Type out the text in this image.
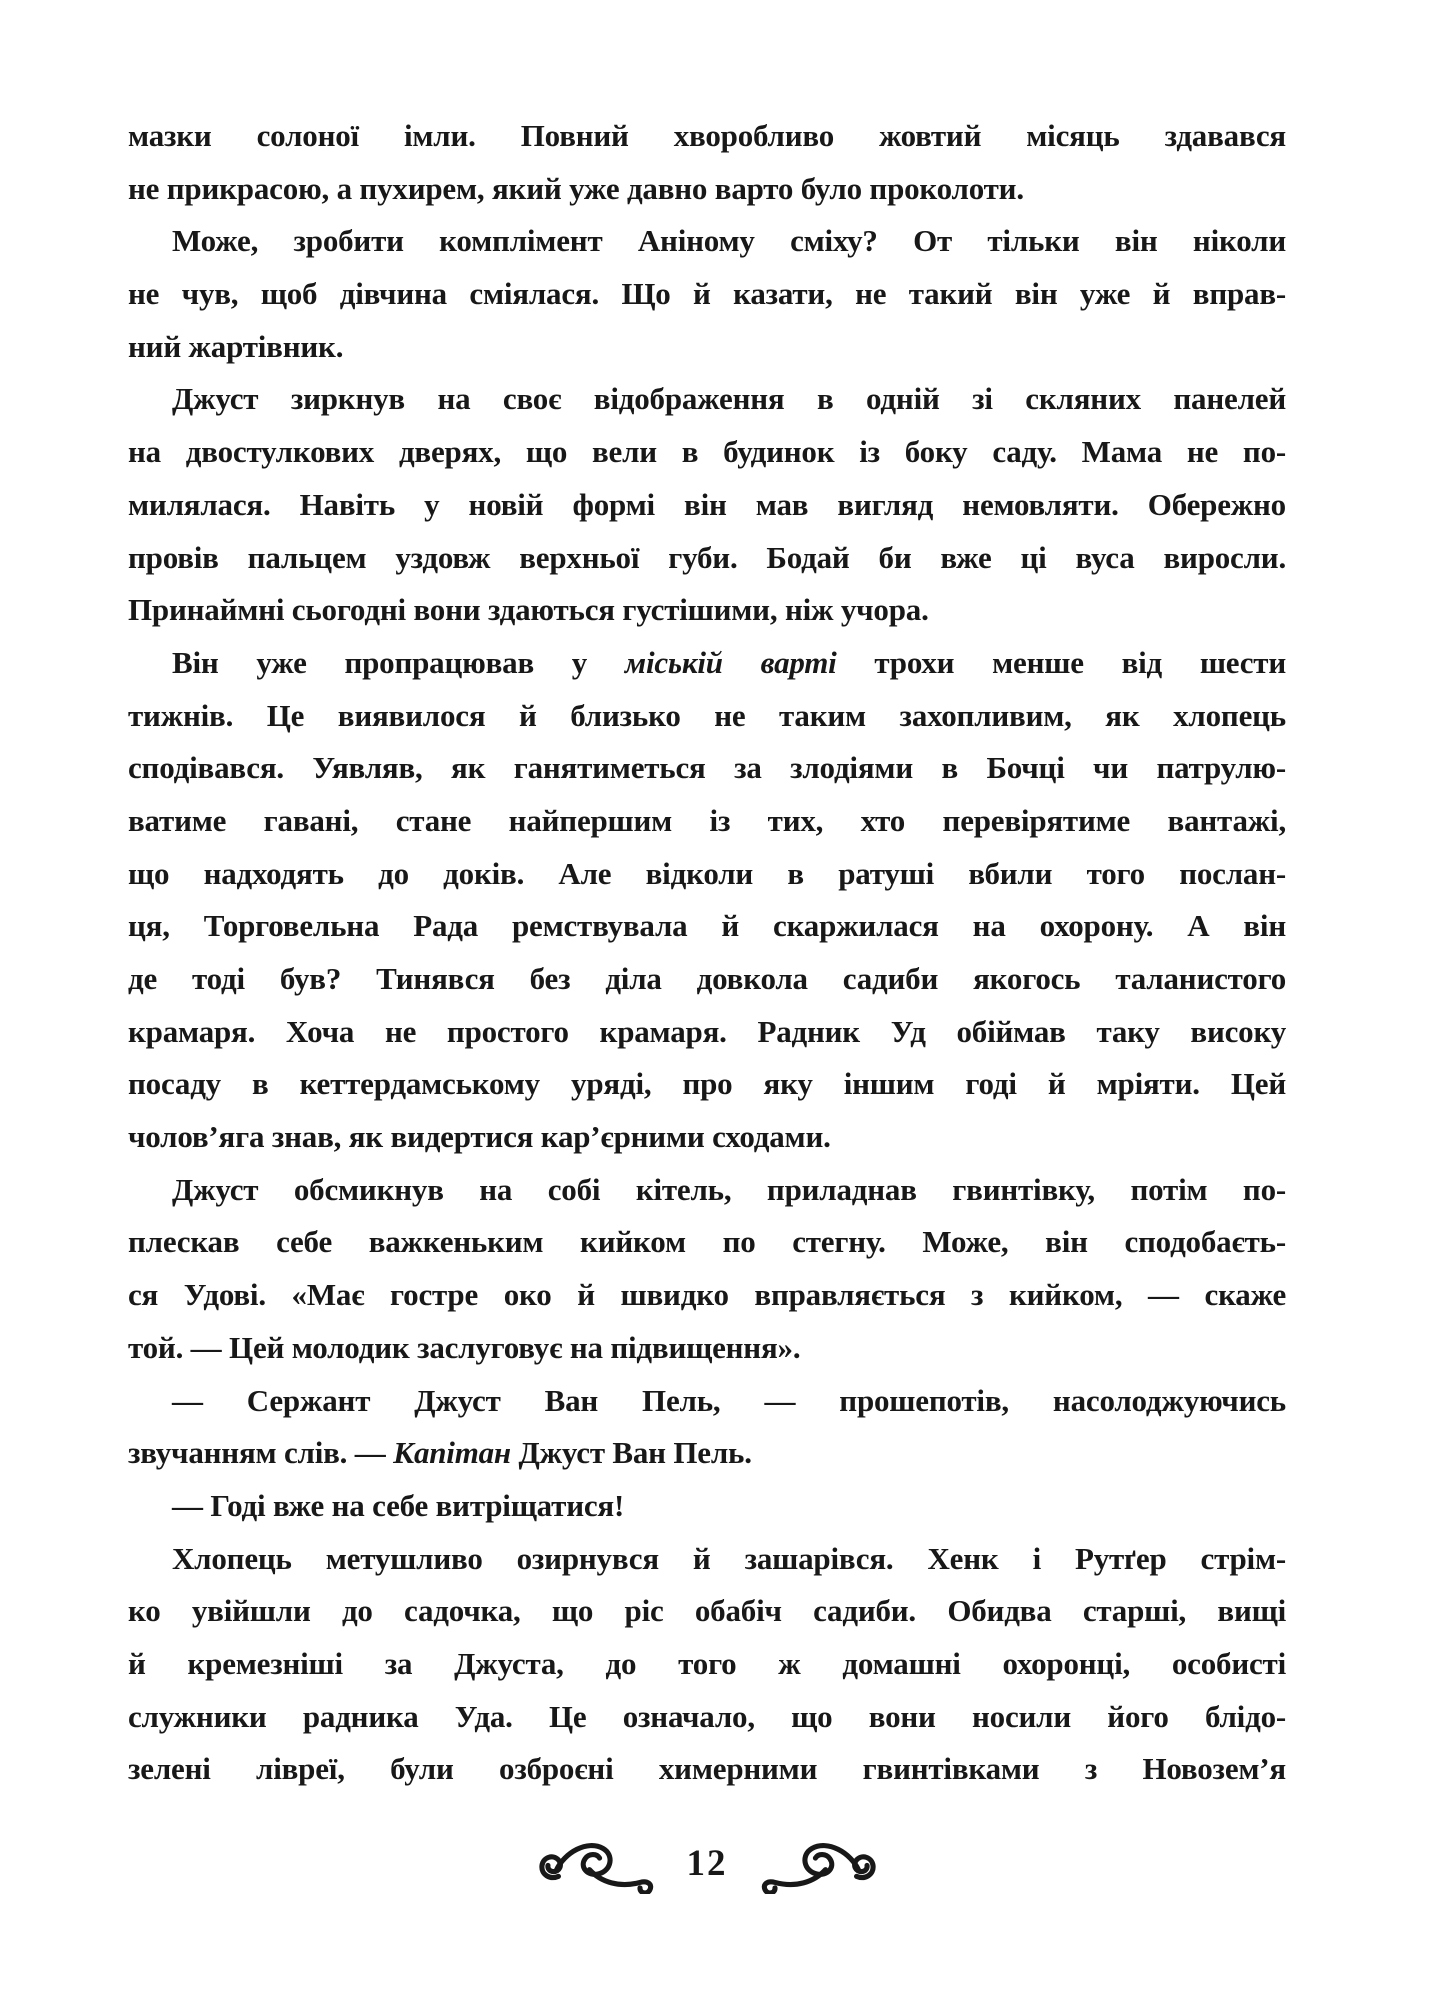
мазки солоної імли. Повний хворобливо жовтий місяць здавався
не прикрасою, а пухирем, який уже давно варто було проколоти.
Може, зробити комплімент Аніному сміху? От тільки він ніколи
не чув, щоб дівчина сміялася. Що й казати, не такий він уже й вправ-
ний жартівник.
Джуст зиркнув на своє відображення в одній зі скляних панелей
на двостулкових дверях, що вели в будинок із боку саду. Мама не по-
милялася. Навіть у новій формі він мав вигляд немовляти. Обережно
провів пальцем уздовж верхньої губи. Бодай би вже ці вуса виросли.
Принаймні сьогодні вони здаються густішими, ніж учора.
Він уже пропрацював у міській варті трохи менше від шести
тижнів. Це виявилося й близько не таким захопливим, як хлопець
сподівався. Уявляв, як ганятиметься за злодіями в Бочці чи патрулю-
ватиме гавані, стане найпершим із тих, хто перевірятиме вантажі,
що надходять до доків. Але відколи в ратуші вбили того послан-
ця, Торговельна Рада ремствувала й скаржилася на охорону. А він
де тоді був? Тинявся без діла довкола садиби якогось таланистого
крамаря. Хоча не простого крамаря. Радник Уд обіймав таку високу
посаду в кеттердамському уряді, про яку іншим годі й мріяти. Цей
чолов’яга знав, як видертися кар’єрними сходами.
Джуст обсмикнув на собі кітель, приладнав гвинтівку, потім по-
плескав себе важкеньким кийком по стегну. Може, він сподобаєть-
ся Удові. «Має гостре око й швидко вправляється з кийком, — скаже
той. — Цей молодик заслуговує на підвищення».
— Сержант Джуст Ван Пель, — прошепотів, насолоджуючись
звучанням слів. — Капітан Джуст Ван Пель.
— Годі вже на себе витріщатися!
Хлопець метушливо озирнувся й зашарівся. Хенк і Рутґер стрім-
ко увійшли до садочка, що ріс обабіч садиби. Обидва старші, вищі
й кремезніші за Джуста, до того ж домашні охоронці, особисті
служники радника Уда. Це означало, що вони носили його блідо-
зелені лівреї, були озброєні химерними гвинтівками з Новозем’я
12
